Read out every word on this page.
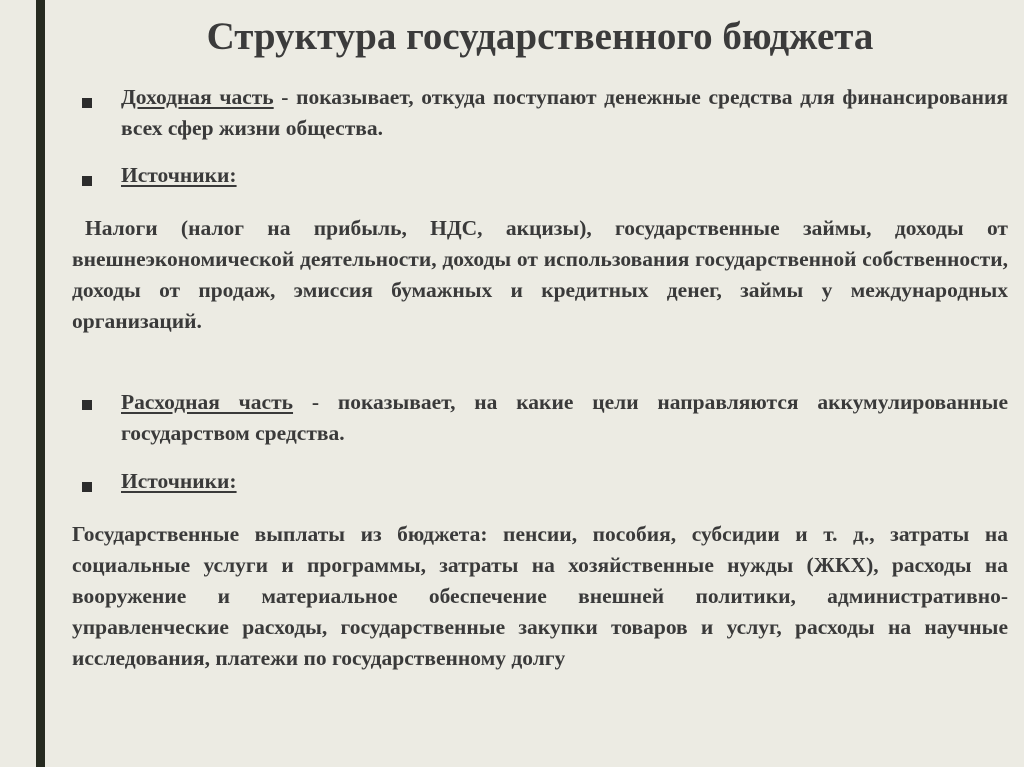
Структура государственного бюджета
Доходная часть - показывает, откуда поступают денежные средства для финансирования всех сфер жизни общества.
Источники:
Налоги (налог на прибыль, НДС, акцизы), государственные займы, доходы от внешнеэкономической деятельности, доходы от использования государственной собственности, доходы от продаж, эмиссия бумажных и кредитных денег, займы у международных организаций.
Расходная часть - показывает, на какие цели направляются аккумулированные государством средства.
Источники:
Государственные выплаты из бюджета: пенсии, пособия, субсидии и т. д., затраты на социальные услуги и программы, затраты на хозяйственные нужды (ЖКХ), расходы на вооружение и материальное обеспечение внешней политики, административно-управленческие расходы, государственные закупки товаров и услуг, расходы на научные исследования, платежи по государственному долгу
